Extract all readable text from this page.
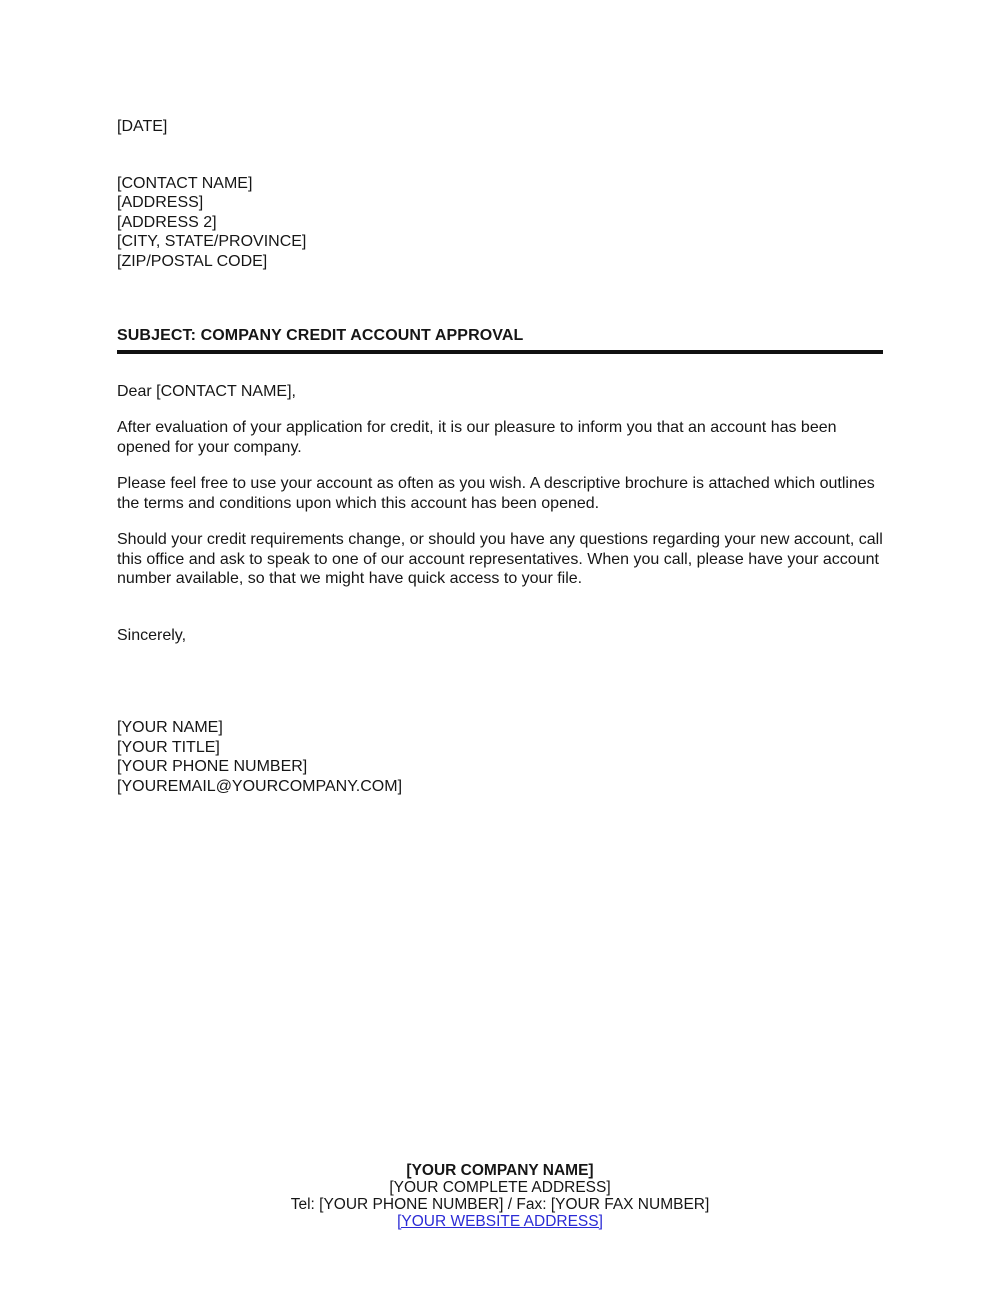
[DATE]
[CONTACT NAME]
[ADDRESS]
[ADDRESS 2]
[CITY, STATE/PROVINCE]
[ZIP/POSTAL CODE]
SUBJECT: COMPANY CREDIT ACCOUNT APPROVAL
Dear [CONTACT NAME],

After evaluation of your application for credit, it is our pleasure to inform you that an account has been opened for your company.

Please feel free to use your account as often as you wish. A descriptive brochure is attached which outlines the terms and conditions upon which this account has been opened.

Should your credit requirements change, or should you have any questions regarding your new account, call this office and ask to speak to one of our account representatives. When you call, please have your account number available, so that we might have quick access to your file.

Sincerely,
[YOUR NAME]
[YOUR TITLE]
[YOUR PHONE NUMBER]
[YOUREMAIL@YOURCOMPANY.COM]
[YOUR COMPANY NAME]
[YOUR COMPLETE ADDRESS]
Tel: [YOUR PHONE NUMBER] / Fax: [YOUR FAX NUMBER]
[YOUR WEBSITE ADDRESS]
